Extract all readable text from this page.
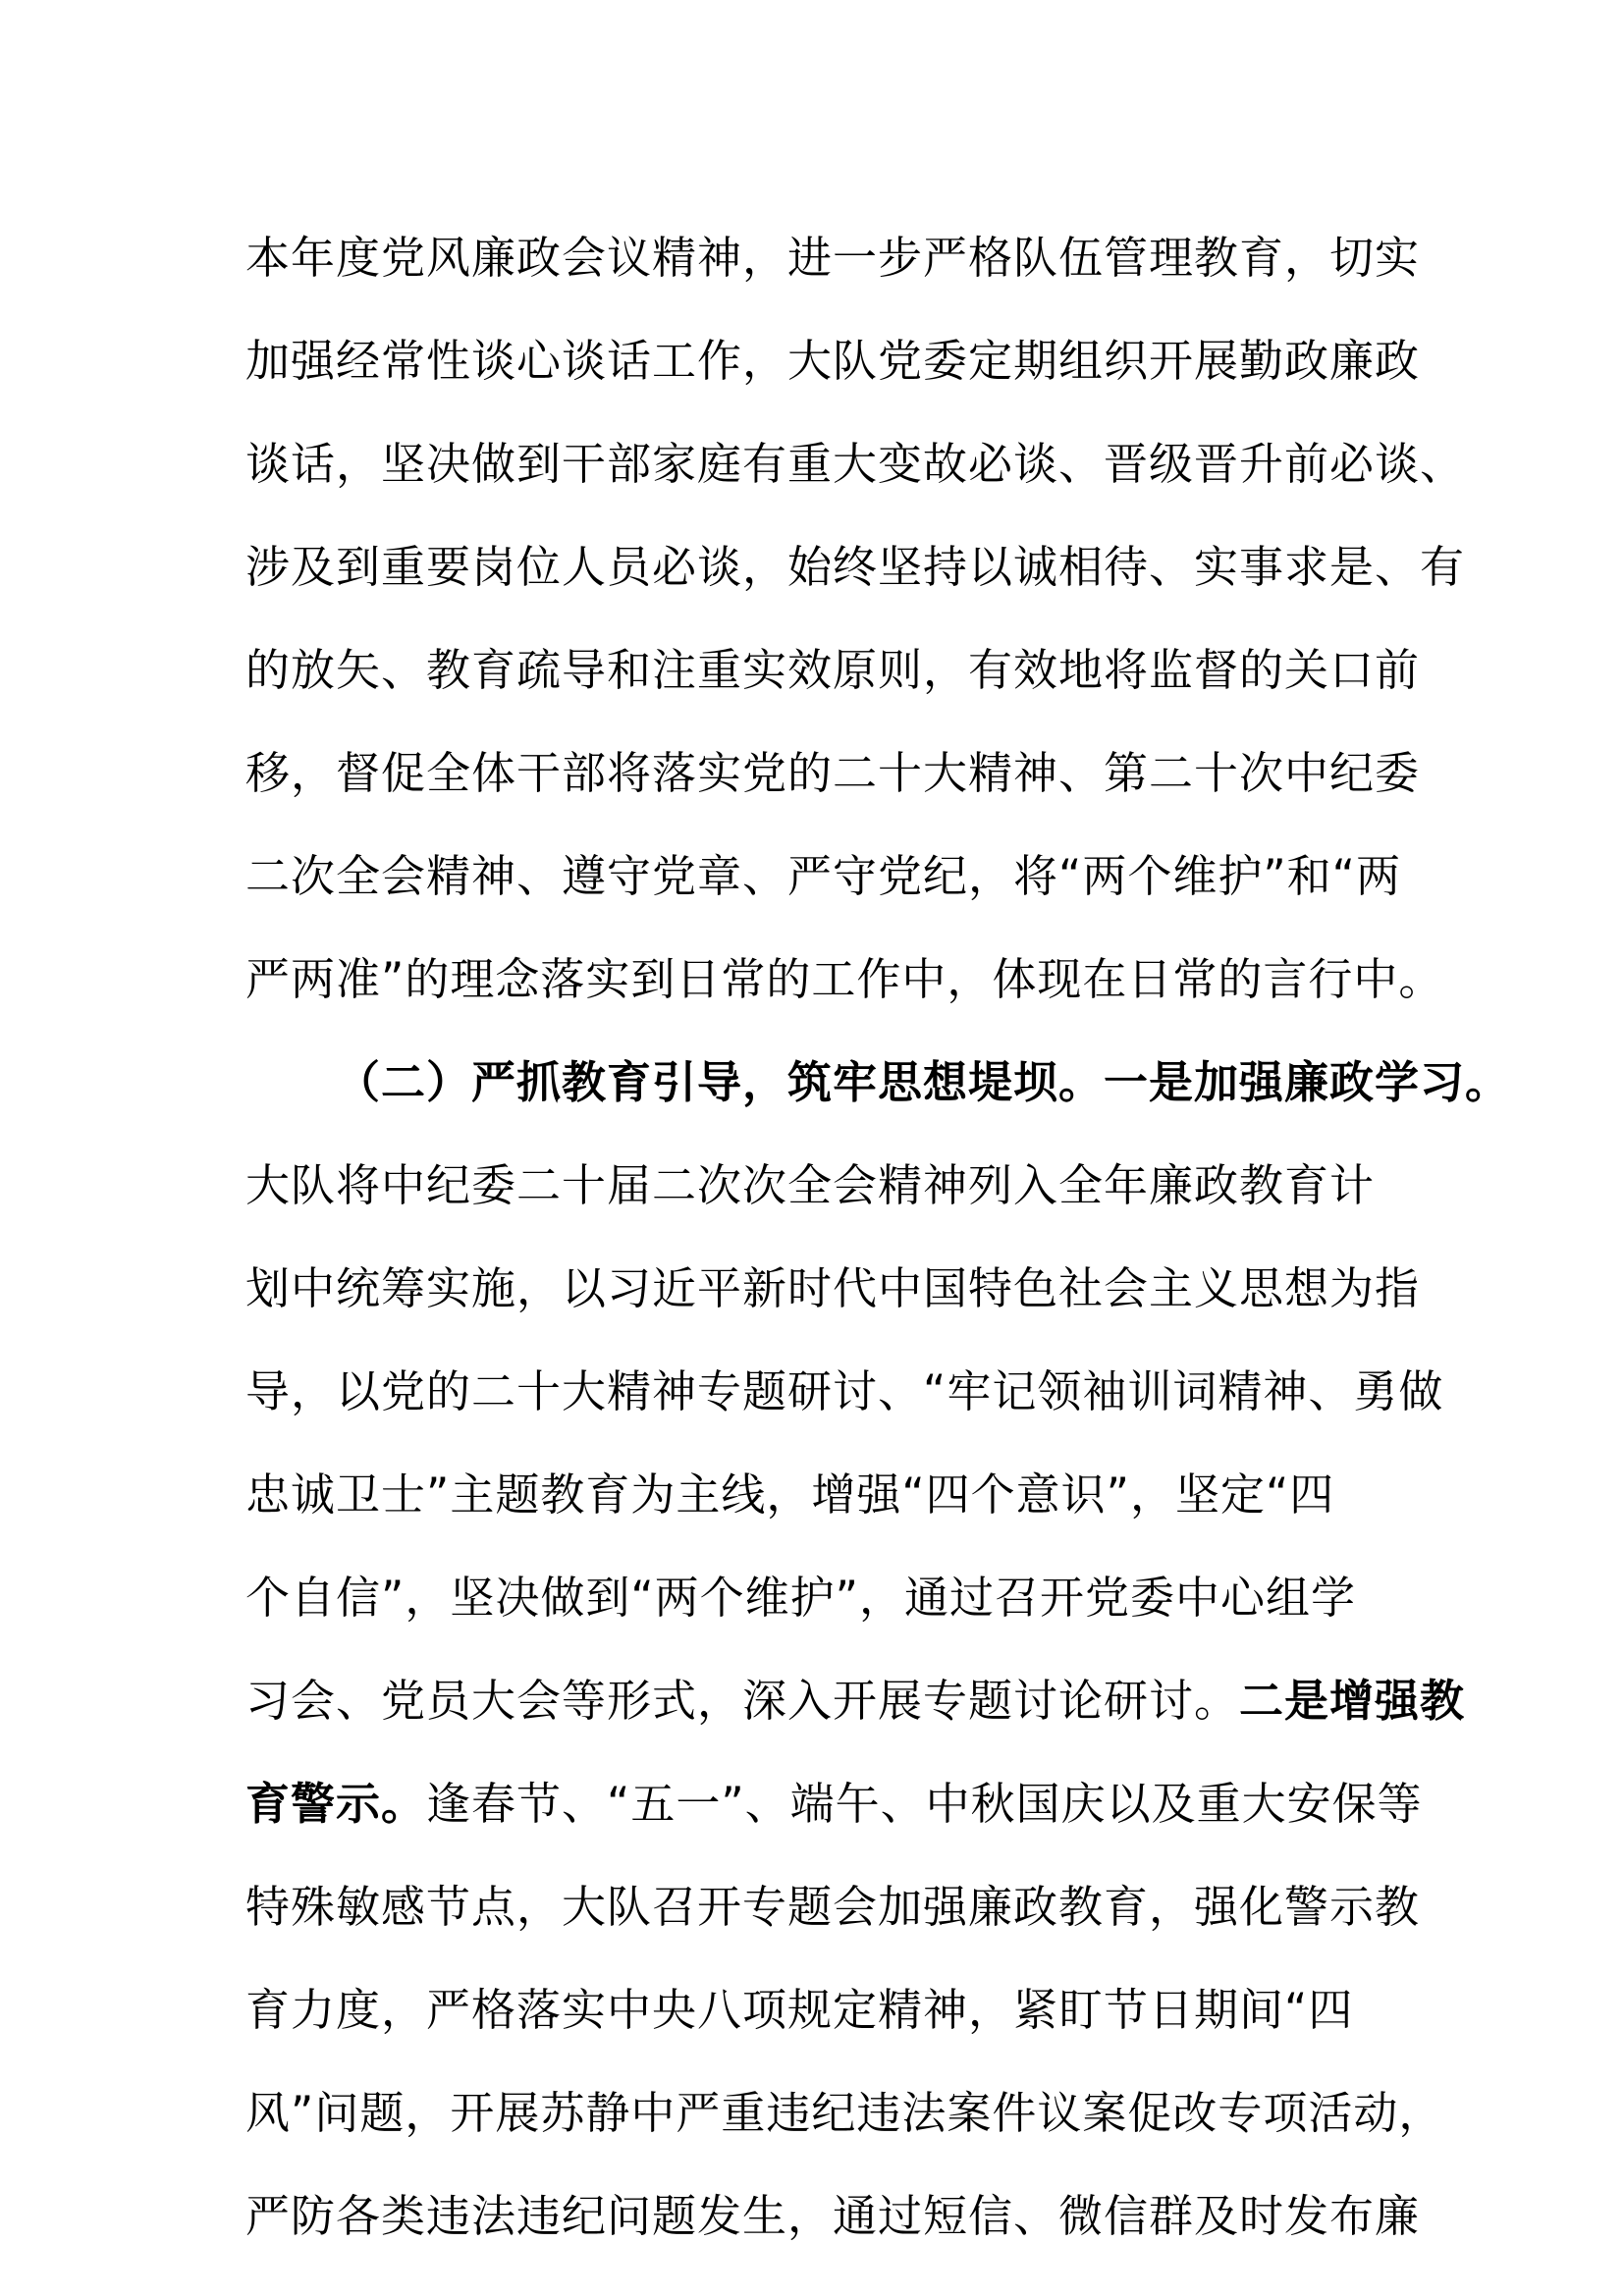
本年度党风廉政会议精神，进一步严格队伍管理教育，切实
加强经常性谈心谈话工作，大队党委定期组织开展勤政廉政
谈话，坚决做到干部家庭有重大变故必谈、晋级晋升前必谈、
涉及到重要岗位人员必谈，始终坚持以诚相待、实事求是、有
的放矢、教育疏导和注重实效原则，有效地将监督的关口前
移，督促全体干部将落实党的二十大精神、第二十次中纪委
二次全会精神、遵守党章、严守党纪，将“两个维护”和“两
严两准”的理念落实到日常的工作中，体现在日常的言行中。
（二）严抓教育引导，筑牢思想堤坝。一是加强廉政学习。
大队将中纪委二十届二次次全会精神列入全年廉政教育计
划中统筹实施，以习近平新时代中国特色社会主义思想为指
导，以党的二十大精神专题研讨、“牢记领袖训词精神、勇做
忠诚卫士”主题教育为主线，增强“四个意识”，坚定“四
个自信”，坚决做到“两个维护”，通过召开党委中心组学
习会、党员大会等形式，深入开展专题讨论研讨。二是增强教
育警示。逢春节、“五一”、端午、中秋国庆以及重大安保等
特殊敏感节点，大队召开专题会加强廉政教育，强化警示教
育力度，严格落实中央八项规定精神，紧盯节日期间“四
风”问题，开展苏静中严重违纪违法案件议案促改专项活动，
严防各类违法违纪问题发生，通过短信、微信群及时发布廉
